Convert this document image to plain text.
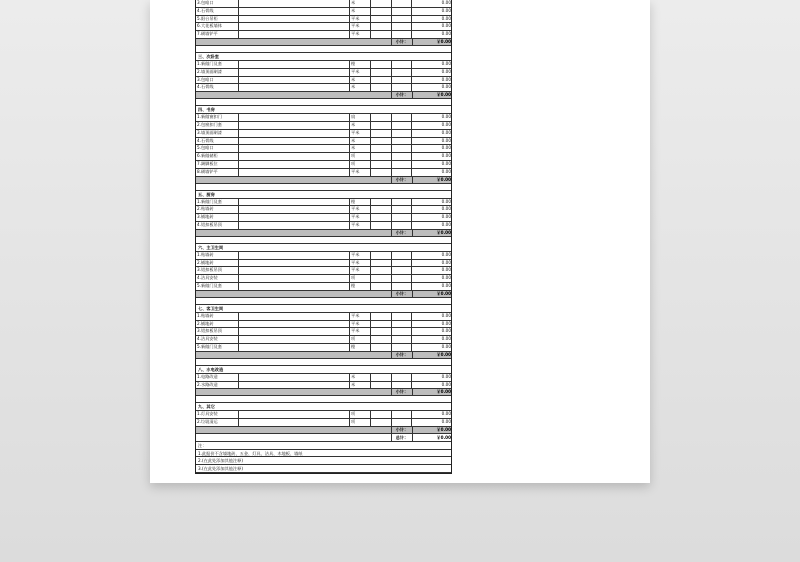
3.包暗口	米	0.00
4.石膏线	米	0.00
5.阳台吊柜	平米	0.00
6.大花板墙体	平米	0.00
7.刷墙铲平	平米	0.00
小计：	￥0.00
三、次卧室
1.新做门及套	樘	0.00
2.墙顶面刷漆	平米	0.00
3.包暗口	米	0.00
4.石膏线	米	0.00
小计：	￥0.00
四、书房
1.新做窗扣门	扇	0.00
2.包窗扣门套	米	0.00
3.墙顶面刷漆	平米	0.00
4.石膏线	米	0.00
5.包暗口	米	0.00
6.新做储柜	项	0.00
7.踢脚板位	项	0.00
8.刷墙铲平	平米	0.00
小计：	￥0.00
五、厨房
1.新做门及套	樘	0.00
2.贴墙砖	平米	0.00
3.铺地砖	平米	0.00
4.铝扣板吊顶	平米	0.00
小计：	￥0.00
六、主卫生间
1.贴墙砖	平米	0.00
2.铺地砖	平米	0.00
3.铝扣板吊顶	平米	0.00
4.洁具安装	项	0.00
5.新做门及套	樘	0.00
小计：	￥0.00
七、客卫生间
1.贴墙砖	平米	0.00
2.铺地砖	平米	0.00
3.铝扣板吊顶	平米	0.00
4.洁具安装	项	0.00
5.新做门及套	樘	0.00
小计：	￥0.00
八、水电改造
1.电路改造	米	0.00
2.水路改造	米	0.00
小计：	￥0.00
九、其它
1.灯具安装	项	0.00
2.垃圾清运	项	0.00
小计：	￥0.00
总计：	￥0.00
注：
1.此报价不含墙地砖、五金、灯具、洁具、木地板、墙纸
2.(在此处添加其他注释)
3.(在此处添加其他注释)
